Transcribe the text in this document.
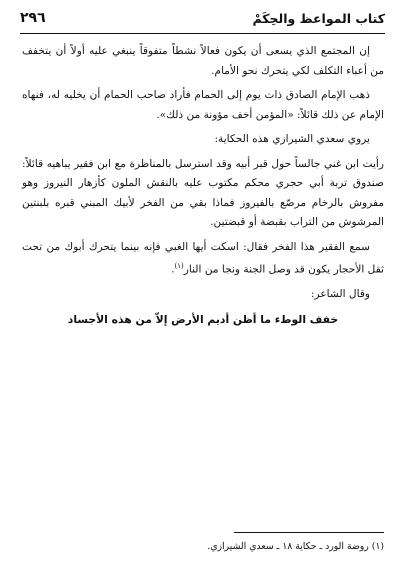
كتاب المواعظ والحِكَمْ
٢٩٦

إن المجتمع الذي يسعى أن يكون فعالاً نشطاً متفوقاً ينبغي عليه أولاً أن يتخفف من أعباء التكلف لكي يتحرك نحو الأمام.

ذهب الإمام الصادق ذات يوم إلى الحمام فأراد صاحب الحمام أن يخليه له، فنهاه الإمام عن ذلك قائلاً: «المؤمن أخف مؤونة من ذلك».

يروي سعدي الشيرازي هذه الحكاية:

رأيت ابن غني جالساً حول قبر أبيه وقد استرسل بالمناظرة مع ابن فقير يباهيه قائلاً: صندوق تربة أبي حجري محكم مكتوب عليه بالنقش الملون كأزهار النيروز وهو مفروش بالرخام مرصّع بالفيروز فماذا بقي من الفخر لأبيك المبني قبره بلبنتين المرشوش من التراب بقبضة أو قبضتين.

سمع الفقير هذا الفخر فقال: اسكت أيها الغبي فإنه بينما يتحرك أبوك من تحت ثقل الأحجار يكون قد وصل الجنة ونجا من النار$^{(١)}$.

وقال الشاعر:

خفف الوطء ما أظن أديم الأرض إلاّ من هذه الأجساد
(١) روضة الورد ـ حكاية ١٨ ـ سعدي الشيرازي.
